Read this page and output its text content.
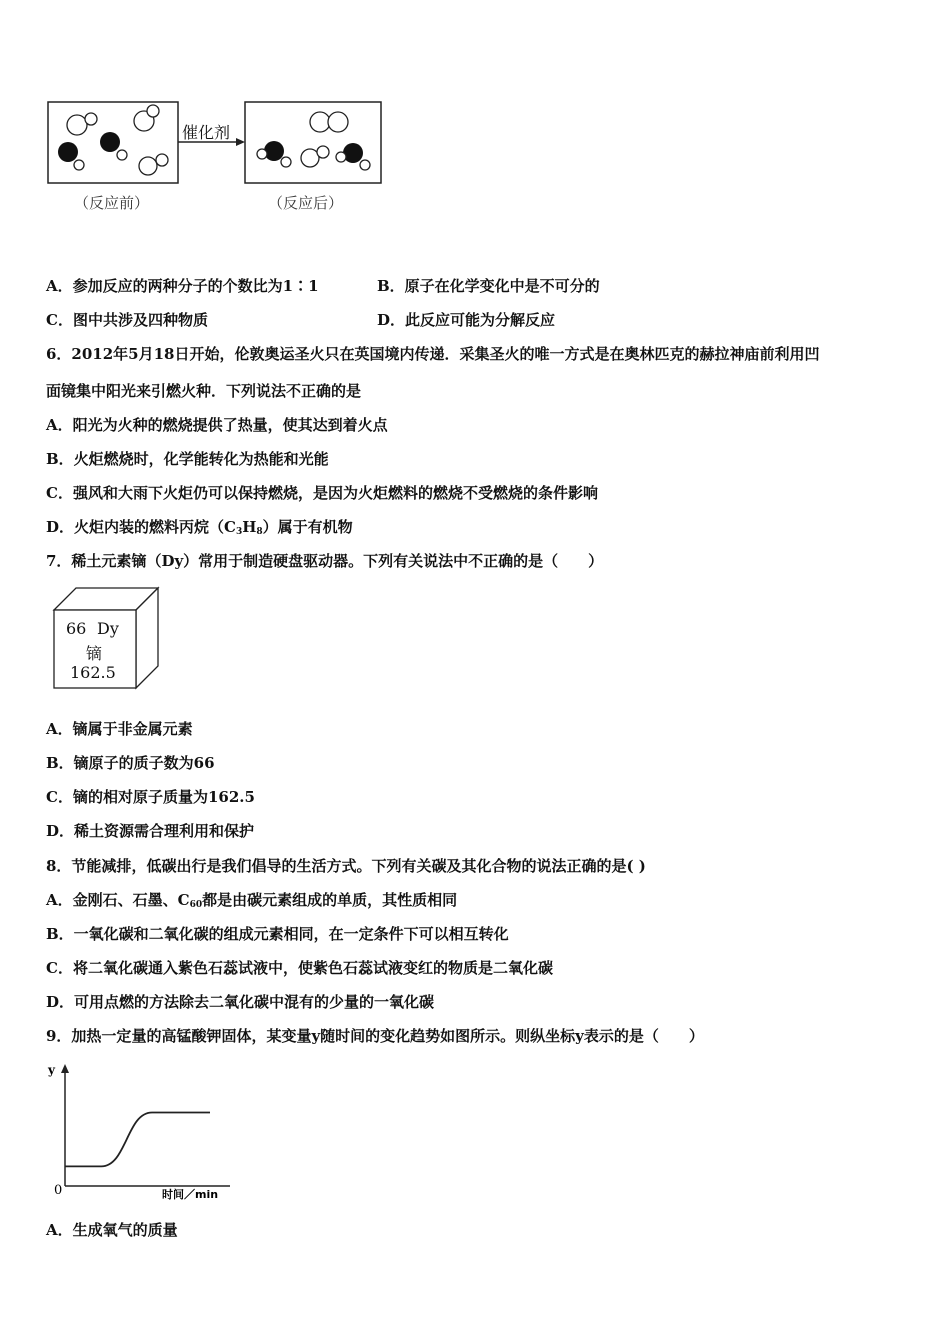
催化剂
（反应前）	（反应后）
A．参加反应的两种分子的个数比为1∶1	B．原子在化学变化中是不可分的
C．图中共涉及四种物质	D．此反应可能为分解反应
6．2012年5月18日开始，伦敦奥运圣火只在英国境内传递．采集圣火的唯一方式是在奥林匹克的赫拉神庙前利用凹
面镜集中阳光来引燃火种．下列说法不正确的是
A．阳光为火种的燃烧提供了热量，使其达到着火点
B．火炬燃烧时，化学能转化为热能和光能
C．强风和大雨下火炬仍可以保持燃烧，是因为火炬燃料的燃烧不受燃烧的条件影响
D．火炬内装的燃料丙烷$(C_3H_8)$属于有机物
7．稀土元素镝（Dy）常用于制造硬盘驱动器。下列有关说法中不正确的是（　　）
66 Dy
镝
162.5
A．镝属于非金属元素
B．镝原子的质子数为66
C．镝的相对原子质量为162.5
D．稀土资源需合理利用和保护
8．节能减排，低碳出行是我们倡导的生活方式。下列有关碳及其化合物的说法正确的是( )
A．金刚石、石墨、$C_{60}$都是由碳元素组成的单质，其性质相同
B．一氧化碳和二氧化碳的组成元素相同，在一定条件下可以相互转化
C．将二氧化碳通入紫色石蕊试液中，使紫色石蕊试液变红的物质是二氧化碳
D．可用点燃的方法除去二氧化碳中混有的少量的一氧化碳
9．加热一定量的高锰酸钾固体，某变量y随时间的变化趋势如图所示。则纵坐标y表示的是（　　）
y
0	时间／min
A．生成氧气的质量
